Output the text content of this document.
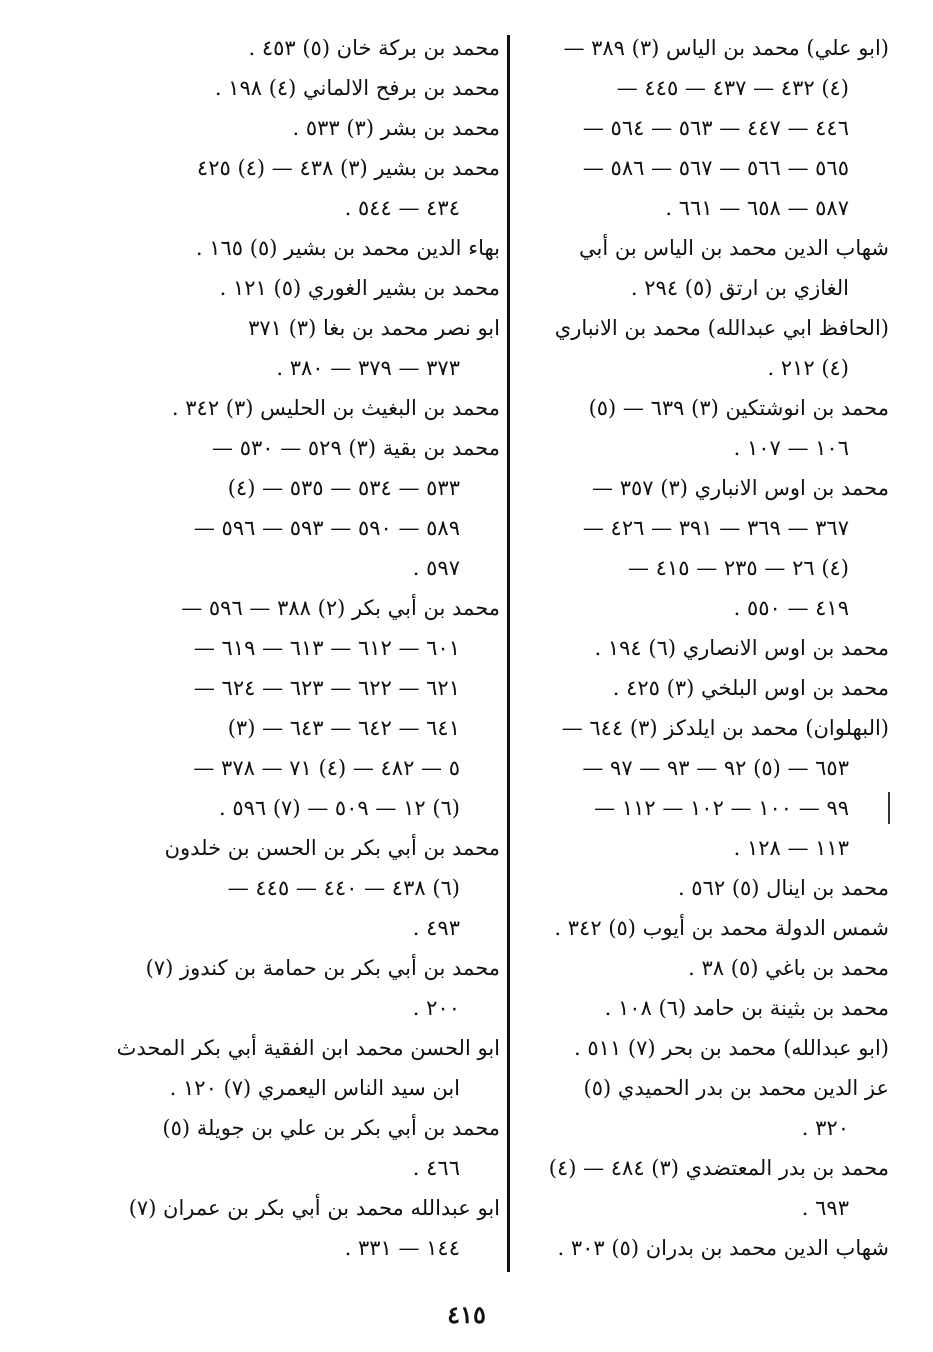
(ابو علي) محمد بن الياس (٣) ٣٨٩ —
(٤) ٤٣٢ — ٤٣٧ — ٤٤٥ —
٤٤٦ — ٤٤٧ — ٥٦٣ — ٥٦٤ —
٥٦٥ — ٥٦٦ — ٥٦٧ — ٥٨٦ —
٥٨٧ — ٦٥٨ — ٦٦١ .
شهاب الدين محمد بن الياس بن أبي
الغازي بن ارتق (٥) ٢٩٤ .
(الحافظ ابي عبدالله) محمد بن الانباري
(٤) ٢١٢ .
محمد بن انوشتكين (٣) ٦٣٩ — (٥)
١٠٦ — ١٠٧ .
محمد بن اوس الانباري (٣) ٣٥٧ —
٣٦٧ — ٣٦٩ — ٣٩١ — ٤٢٦ —
(٤) ٢٦ — ٢٣٥ — ٤١٥ —
٤١٩ — ٥٥٠ .
محمد بن اوس الانصاري (٦) ١٩٤ .
محمد بن اوس البلخي (٣) ٤٢٥ .
(البهلوان) محمد بن ايلدكز (٣) ٦٤٤ —
٦٥٣ — (٥) ٩٢ — ٩٣ — ٩٧ —
٩٩ — ١٠٠ — ١٠٢ — ١١٢ —
١١٣ — ١٢٨ .
محمد بن اينال (٥) ٥٦٢ .
شمس الدولة محمد بن أيوب (٥) ٣٤٢ .
محمد بن باغي (٥) ٣٨ .
محمد بن بثينة بن حامد (٦) ١٠٨ .
(ابو عبدالله) محمد بن بحر (٧) ٥١١ .
عز الدين محمد بن بدر الحميدي (٥)
٣٢٠ .
محمد بن بدر المعتضدي (٣) ٤٨٤ — (٤)
٦٩٣ .
شهاب الدين محمد بن بدران (٥) ٣٠٣ .
محمد بن بركة خان (٥) ٤٥٣ .
محمد بن برفح الالماني (٤) ١٩٨ .
محمد بن بشر (٣) ٥٣٣ .
محمد بن بشير (٣) ٤٣٨ — (٤) ٤٢٥
٤٣٤ — ٥٤٤ .
بهاء الدين محمد بن بشير (٥) ١٦٥ .
محمد بن بشير الغوري (٥) ١٢١ .
ابو نصر محمد بن بغا (٣) ٣٧١
٣٧٣ — ٣٧٩ — ٣٨٠ .
محمد بن البغيث بن الحليس (٣) ٣٤٢ .
محمد بن بقية (٣) ٥٢٩ — ٥٣٠ —
٥٣٣ — ٥٣٤ — ٥٣٥ — (٤)
٥٨٩ — ٥٩٠ — ٥٩٣ — ٥٩٦ —
٥٩٧ .
محمد بن أبي بكر (٢) ٣٨٨ — ٥٩٦ —
٦٠١ — ٦١٢ — ٦١٣ — ٦١٩ —
٦٢١ — ٦٢٢ — ٦٢٣ — ٦٢٤ —
٦٤١ — ٦٤٢ — ٦٤٣ — (٣)
٥ — ٤٨٢ — (٤) ٧١ — ٣٧٨ —
(٦) ١٢ — ٥٠٩ — (٧) ٥٩٦ .
محمد بن أبي بكر بن الحسن بن خلدون
(٦) ٤٣٨ — ٤٤٠ — ٤٤٥ —
٤٩٣ .
محمد بن أبي بكر بن حمامة بن كندوز (٧)
٢٠٠ .
ابو الحسن محمد ابن الفقية أبي بكر المحدث
ابن سيد الناس اليعمري (٧) ١٢٠ .
محمد بن أبي بكر بن علي بن جويلة (٥)
٤٦٦ .
ابو عبدالله محمد بن أبي بكر بن عمران (٧)
١٤٤ — ٣٣١ .
٤١٥
